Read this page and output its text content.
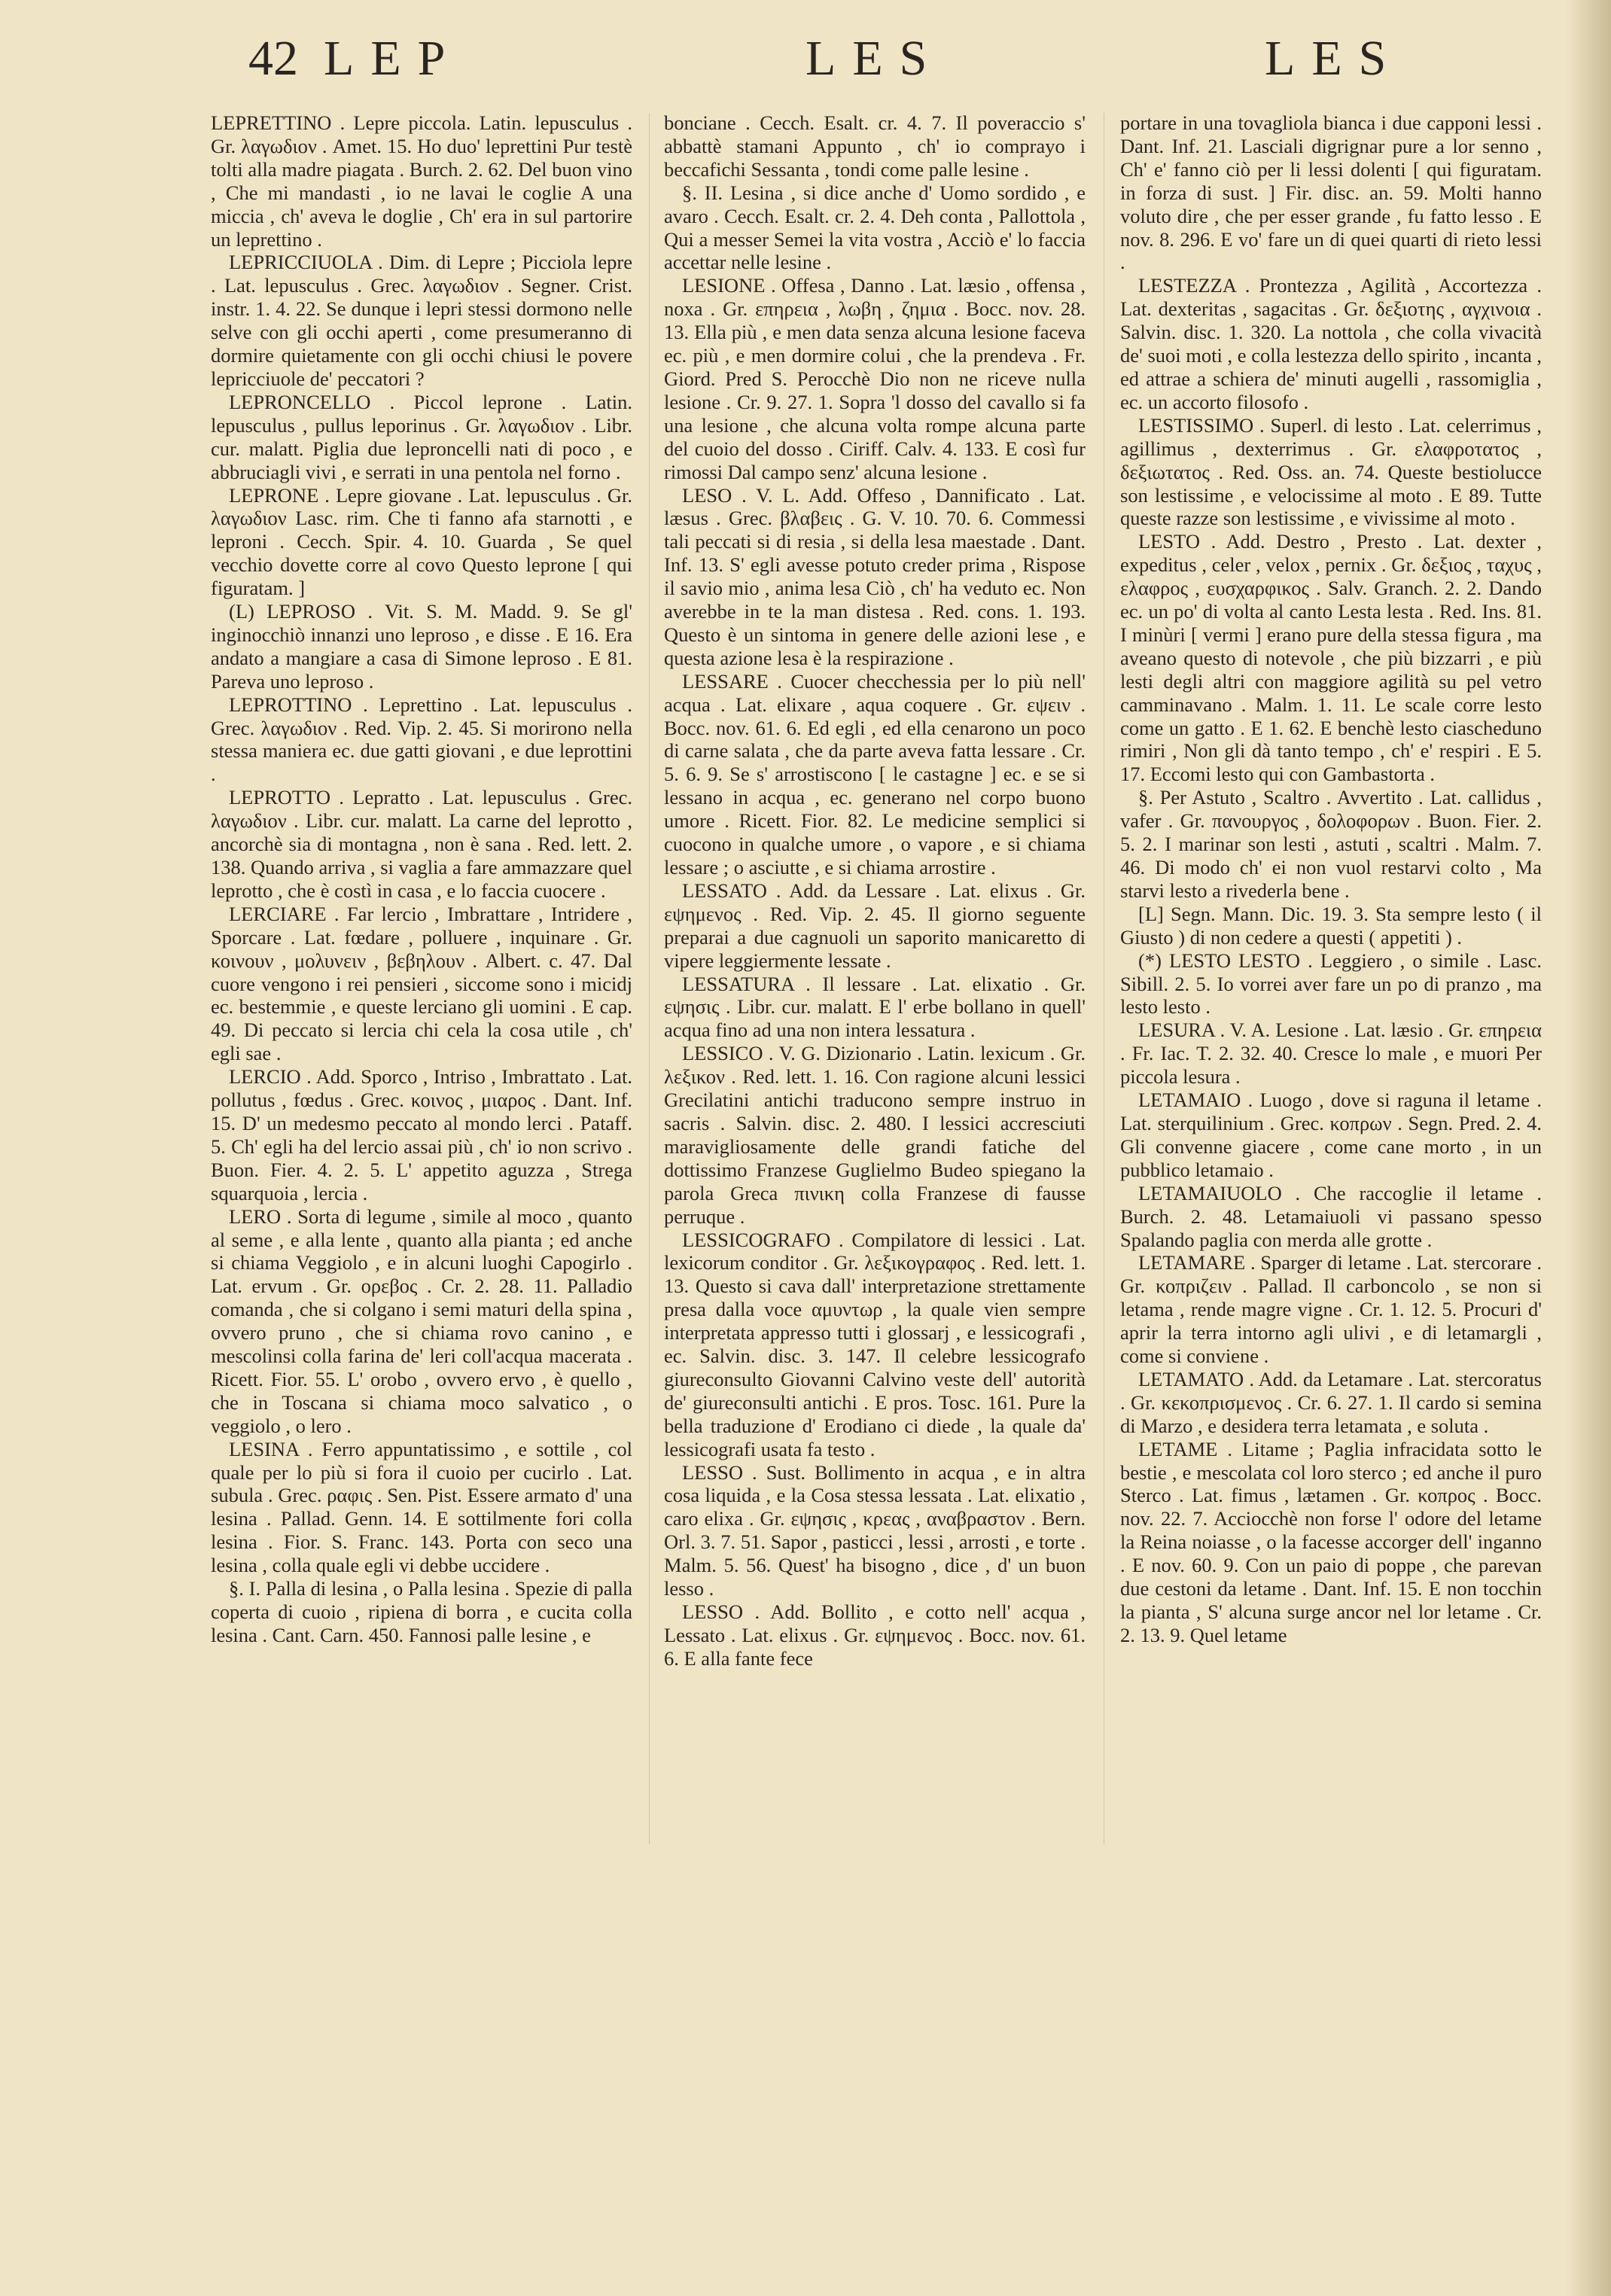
42 LEP	LES	LES

LEPRETTINO . Lepre piccola. Latin. lepusculus . Gr. λαγωδιον . Amet. 15. Ho duo' leprettini Pur testè tolti alla madre piagata . Burch. 2. 62. Del buon vino , Che mi mandasti , io ne lavai le coglie A una miccia , ch' aveva le doglie , Ch' era in sul partorire un leprettino .

LEPRICCIUOLA . Dim. di Lepre ; Picciola lepre . Lat. lepusculus . Grec. λαγωδιον . Segner. Crist. instr. 1. 4. 22. Se dunque i lepri stessi dormono nelle selve con gli occhi aperti , come presumeranno di dormire quietamente con gli occhi chiusi le povere lepricciuole de' peccatori ?

LEPRONCELLO . Piccol leprone . Latin. lepusculus , pullus leporinus . Gr. λαγωδιον . Libr. cur. malatt. Piglia due leproncelli nati di poco , e abbruciagli vivi , e serrati in una pentola nel forno .

LEPRONE . Lepre giovane . Lat. lepusculus . Gr. λαγωδιον Lasc. rim. Che ti fanno afa starnotti , e leproni . Cecch. Spir. 4. 10. Guarda , Se quel vecchio dovette corre al covo Questo leprone [ qui figuratam. ]

(L) LEPROSO . Vit. S. M. Madd. 9. Se gl' inginocchiò innanzi uno leproso , e disse . E 16. Era andato a mangiare a casa di Simone leproso . E 81. Pareva uno leproso .

LEPROTTINO . Leprettino . Lat. lepusculus . Grec. λαγωδιον . Red. Vip. 2. 45. Si morirono nella stessa maniera ec. due gatti giovani , e due leprottini .

LEPROTTO . Lepratto . Lat. lepusculus . Grec. λαγωδιον . Libr. cur. malatt. La carne del leprotto , ancorchè sia di montagna , non è sana . Red. lett. 2. 138. Quando arriva , si vaglia a fare ammazzare quel leprotto , che è costì in casa , e lo faccia cuocere .

LERCIARE . Far lercio , Imbrattare , Intridere , Sporcare . Lat. fœdare , polluere , inquinare . Gr. κοινουν , μολυνειν , βεβηλουν . Albert. c. 47. Dal cuore vengono i rei pensieri , siccome sono i micidj ec. bestemmie , e queste lerciano gli uomini . E cap. 49. Di peccato si lercia chi cela la cosa utile , ch' egli sae .

LERCIO . Add. Sporco , Intriso , Imbrattato . Lat. pollutus , fœdus . Grec. κοινος , μιαρος . Dant. Inf. 15. D' un medesmo peccato al mondo lerci . Pataff. 5. Ch' egli ha del lercio assai più , ch' io non scrivo . Buon. Fier. 4. 2. 5. L' appetito aguzza , Strega squarquoia , lercia .

LERO . Sorta di legume , simile al moco , quanto al seme , e alla lente , quanto alla pianta ; ed anche si chiama Veggiolo , e in alcuni luoghi Capogirlo . Lat. ervum . Gr. ορεβος . Cr. 2. 28. 11. Palladio comanda , che si colgano i semi maturi della spina , ovvero pruno , che si chiama rovo canino , e mescolinsi colla farina de' leri coll'acqua macerata . Ricett. Fior. 55. L' orobo , ovvero ervo , è quello , che in Toscana si chiama moco salvatico , o veggiolo , o lero .

LESINA . Ferro appuntatissimo , e sottile , col quale per lo più si fora il cuoio per cucirlo . Lat. subula . Grec. ραφις . Sen. Pist. Essere armato d' una lesina . Pallad. Genn. 14. E sottilmente fori colla lesina . Fior. S. Franc. 143. Porta con seco una lesina , colla quale egli vi debbe uccidere .

§. I. Palla di lesina , o Palla lesina . Spezie di palla coperta di cuoio , ripiena di borra , e cucita colla lesina . Cant. Carn. 450. Fannosi palle lesine , e

bonciane . Cecch. Esalt. cr. 4. 7. Il poveraccio s' abbattè stamani Appunto , ch' io comprayo i beccafichi Sessanta , tondi come palle lesine .

§. II. Lesina , si dice anche d' Uomo sordido , e avaro . Cecch. Esalt. cr. 2. 4. Deh conta , Pallottola , Qui a messer Semei la vita vostra , Acciò e' lo faccia accettar nelle lesine .

LESIONE . Offesa , Danno . Lat. læsio , offensa , noxa . Gr. επηρεια , λωβη , ζημια . Bocc. nov. 28. 13. Ella più , e men data senza alcuna lesione faceva ec. più , e men dormire colui , che la prendeva . Fr. Giord. Pred S. Perocchè Dio non ne riceve nulla lesione . Cr. 9. 27. 1. Sopra 'l dosso del cavallo si fa una lesione , che alcuna volta rompe alcuna parte del cuoio del dosso . Ciriff. Calv. 4. 133. E così fur rimossi Dal campo senz' alcuna lesione .

LESO . V. L. Add. Offeso , Dannificato . Lat. læsus . Grec. βλαβεις . G. V. 10. 70. 6. Commessi tali peccati si di resia , si della lesa maestade . Dant. Inf. 13. S' egli avesse potuto creder prima , Rispose il savio mio , anima lesa Ciò , ch' ha veduto ec. Non averebbe in te la man distesa . Red. cons. 1. 193. Questo è un sintoma in genere delle azioni lese , e questa azione lesa è la respirazione .

LESSARE . Cuocer checchessia per lo più nell' acqua . Lat. elixare , aqua coquere . Gr. εψειν . Bocc. nov. 61. 6. Ed egli , ed ella cenarono un poco di carne salata , che da parte aveva fatta lessare . Cr. 5. 6. 9. Se s' arrostiscono [ le castagne ] ec. e se si lessano in acqua , ec. generano nel corpo buono umore . Ricett. Fior. 82. Le medicine semplici si cuocono in qualche umore , o vapore , e si chiama lessare ; o asciutte , e si chiama arrostire .

LESSATO . Add. da Lessare . Lat. elixus . Gr. εψημενος . Red. Vip. 2. 45. Il giorno seguente preparai a due cagnuoli un saporito manicaretto di vipere leggiermente lessate .

LESSATURA . Il lessare . Lat. elixatio . Gr. εψησις . Libr. cur. malatt. E l' erbe bollano in quell' acqua fino ad una non intera lessatura .

LESSICO . V. G. Dizionario . Latin. lexicum . Gr. λεξικον . Red. lett. 1. 16. Con ragione alcuni lessici Grecilatini antichi traducono sempre instruo in sacris . Salvin. disc. 2. 480. I lessici accresciuti maravigliosamente delle grandi fatiche del dottissimo Franzese Guglielmo Budeo spiegano la parola Greca πινικη colla Franzese di fausse perruque .

LESSICOGRAFO . Compilatore di lessici . Lat. lexicorum conditor . Gr. λεξικογραφος . Red. lett. 1. 13. Questo si cava dall' interpretazione strettamente presa dalla voce αμυντωρ , la quale vien sempre interpretata appresso tutti i glossarj , e lessicografi , ec. Salvin. disc. 3. 147. Il celebre lessicografo giureconsulto Giovanni Calvino veste dell' autorità de' giureconsulti antichi . E pros. Tosc. 161. Pure la bella traduzione d' Erodiano ci diede , la quale da' lessicografi usata fa testo .

LESSO . Sust. Bollimento in acqua , e in altra cosa liquida , e la Cosa stessa lessata . Lat. elixatio , caro elixa . Gr. εψησις , κρεας , αναβραστον . Bern. Orl. 3. 7. 51. Sapor , pasticci , lessi , arrosti , e torte . Malm. 5. 56. Quest' ha bisogno , dice , d' un buon lesso .

LESSO . Add. Bollito , e cotto nell' acqua , Lessato . Lat. elixus . Gr. εψημενος . Bocc. nov. 61. 6. E alla fante fece

portare in una tovagliola bianca i due capponi lessi . Dant. Inf. 21. Lasciali digrignar pure a lor senno , Ch' e' fanno ciò per li lessi dolenti [ qui figuratam. in forza di sust. ] Fir. disc. an. 59. Molti hanno voluto dire , che per esser grande , fu fatto lesso . E nov. 8. 296. E vo' fare un di quei quarti di rieto lessi .

LESTEZZA . Prontezza , Agilità , Accortezza . Lat. dexteritas , sagacitas . Gr. δεξιοτης , αγχινοια . Salvin. disc. 1. 320. La nottola , che colla vivacità de' suoi moti , e colla lestezza dello spirito , incanta , ed attrae a schiera de' minuti augelli , rassomiglia , ec. un accorto filosofo .

LESTISSIMO . Superl. di lesto . Lat. celerrimus , agillimus , dexterrimus . Gr. ελαφροτατος , δεξιωτατος . Red. Oss. an. 74. Queste bestiolucce son lestissime , e velocissime al moto . E 89. Tutte queste razze son lestissime , e vivissime al moto .

LESTO . Add. Destro , Presto . Lat. dexter , expeditus , celer , velox , pernix . Gr. δεξιος , ταχυς , ελαφρος , ευσχαρφικος . Salv. Granch. 2. 2. Dando ec. un po' di volta al canto Lesta lesta . Red. Ins. 81. I minùri [ vermi ] erano pure della stessa figura , ma aveano questo di notevole , che più bizzarri , e più lesti degli altri con maggiore agilità su pel vetro camminavano . Malm. 1. 11. Le scale corre lesto come un gatto . E 1. 62. E benchè lesto ciascheduno rimiri , Non gli dà tanto tempo , ch' e' respiri . E 5. 17. Eccomi lesto qui con Gambastorta .

§. Per Astuto , Scaltro . Avvertito . Lat. callidus , vafer . Gr. πανουργος , δολοφορων . Buon. Fier. 2. 5. 2. I marinar son lesti , astuti , scaltri . Malm. 7. 46. Di modo ch' ei non vuol restarvi colto , Ma starvi lesto a rivederla bene .

[L] Segn. Mann. Dic. 19. 3. Sta sempre lesto ( il Giusto ) di non cedere a questi ( appetiti ) .

(*) LESTO LESTO . Leggiero , o simile . Lasc. Sibill. 2. 5. Io vorrei aver fare un po di pranzo , ma lesto lesto .

LESURA . V. A. Lesione . Lat. læsio . Gr. επηρεια . Fr. Iac. T. 2. 32. 40. Cresce lo male , e muori Per piccola lesura .

LETAMAIO . Luogo , dove si raguna il letame . Lat. sterquilinium . Grec. κοπρων . Segn. Pred. 2. 4. Gli convenne giacere , come cane morto , in un pubblico letamaio .

LETAMAIUOLO . Che raccoglie il letame . Burch. 2. 48. Letamaiuoli vi passano spesso Spalando paglia con merda alle grotte .

LETAMARE . Sparger di letame . Lat. stercorare . Gr. κοπριζειν . Pallad. Il carboncolo , se non si letama , rende magre vigne . Cr. 1. 12. 5. Procuri d' aprir la terra intorno agli ulivi , e di letamargli , come si conviene .

LETAMATO . Add. da Letamare . Lat. stercoratus . Gr. κεκοπρισμενος . Cr. 6. 27. 1. Il cardo si semina di Marzo , e desidera terra letamata , e soluta .

LETAME . Litame ; Paglia infracidata sotto le bestie , e mescolata col loro sterco ; ed anche il puro Sterco . Lat. fimus , lætamen . Gr. κοπρος . Bocc. nov. 22. 7. Acciocchè non forse l' odore del letame la Reina noiasse , o la facesse accorger dell' inganno . E nov. 60. 9. Con un paio di poppe , che parevan due cestoni da letame . Dant. Inf. 15. E non tocchin la pianta , S' alcuna surge ancor nel lor letame . Cr. 2. 13. 9. Quel letame
